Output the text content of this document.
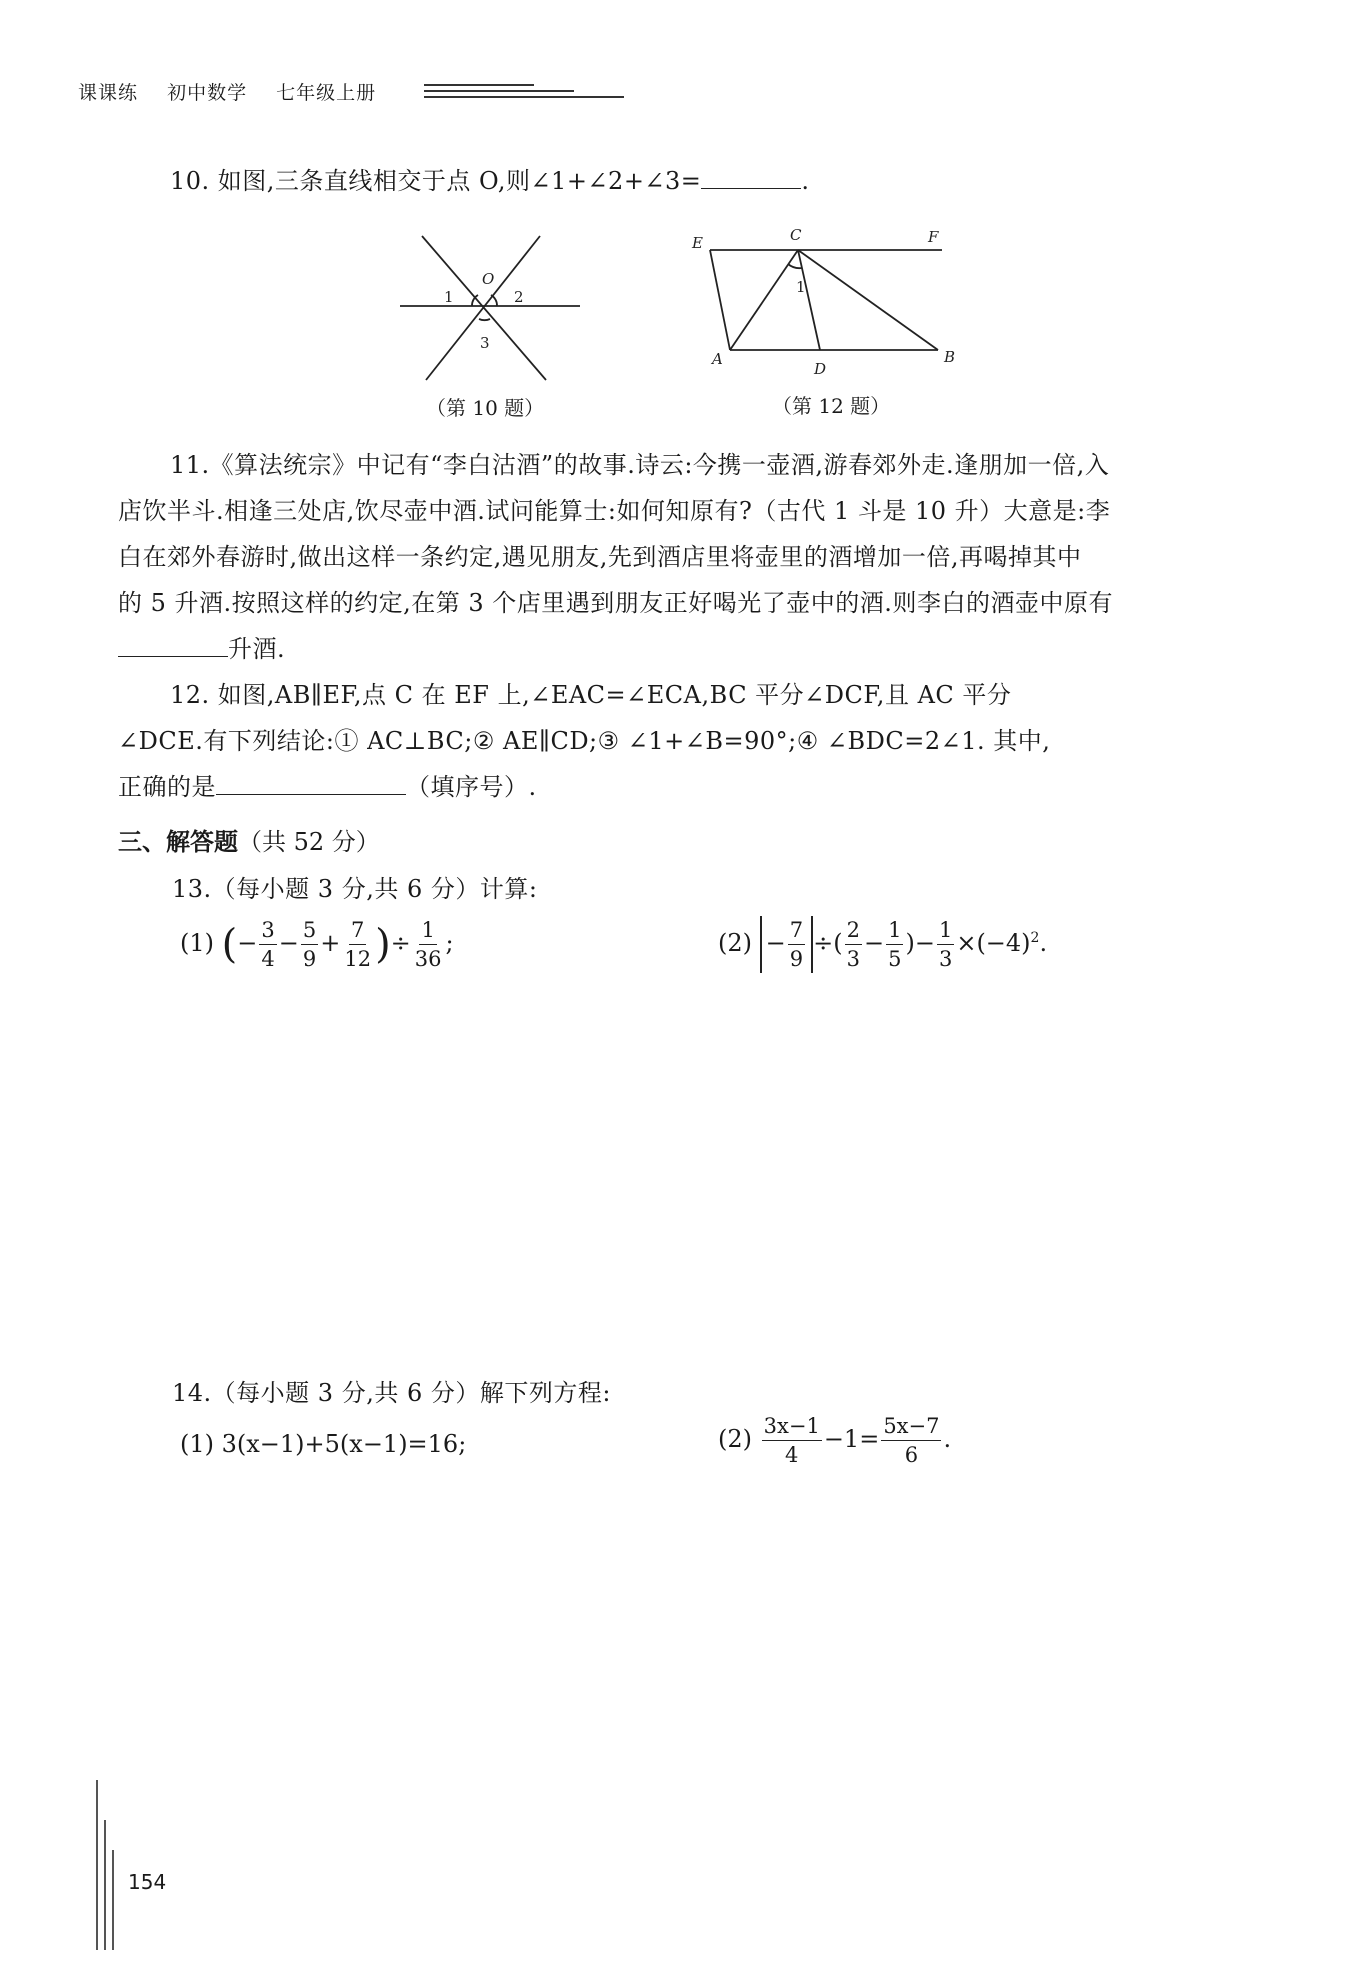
课课练 初中数学 七年级上册
10. 如图,三条直线相交于点 O,则∠1+∠2+∠3=	.
O
1	2
3
（第 10 题）
E	C	F
A
D
B
1
（第 12 题）
11.《算法统宗》中记有“李白沽酒”的故事.诗云:今携一壶酒,游春郊外走.逢朋加一倍,入
店饮半斗.相逢三处店,饮尽壶中酒.试问能算士:如何知原有?（古代 1 斗是 10 升）大意是:李
白在郊外春游时,做出这样一条约定,遇见朋友,先到酒店里将壶里的酒增加一倍,再喝掉其中
的 5 升酒.按照这样的约定,在第 3 个店里遇到朋友正好喝光了壶中的酒.则李白的酒壶中原有
升酒.
12. 如图,AB∥EF,点 C 在 EF 上,∠EAC=∠ECA,BC 平分∠DCF,且 AC 平分
∠DCE.有下列结论:① AC⊥BC;② AE∥CD;③ ∠1+∠B=90°;④ ∠BDC=2∠1. 其中,
正确的是	（填序号）.
三、解答题（共 52 分）
13.（每小题 3 分,共 6 分）计算:
(1) (− $\frac{3}{4} - \frac{5}{9} + \frac{7}{12}$ )÷ $\frac{1}{36}$ ;	$(2) - \frac{7}{9}$ ÷( $\frac{2}{3} - \frac{1}{5}$ )− $\frac{1}{3} \times(-4)^2$.
14.（每小题 3 分,共 6 分）解下列方程:
(1) 3(x−1)+5(x−1)=16;	$(2) \frac{3x-1}{4} -1= \frac{5x-7}{6}$ .
154
